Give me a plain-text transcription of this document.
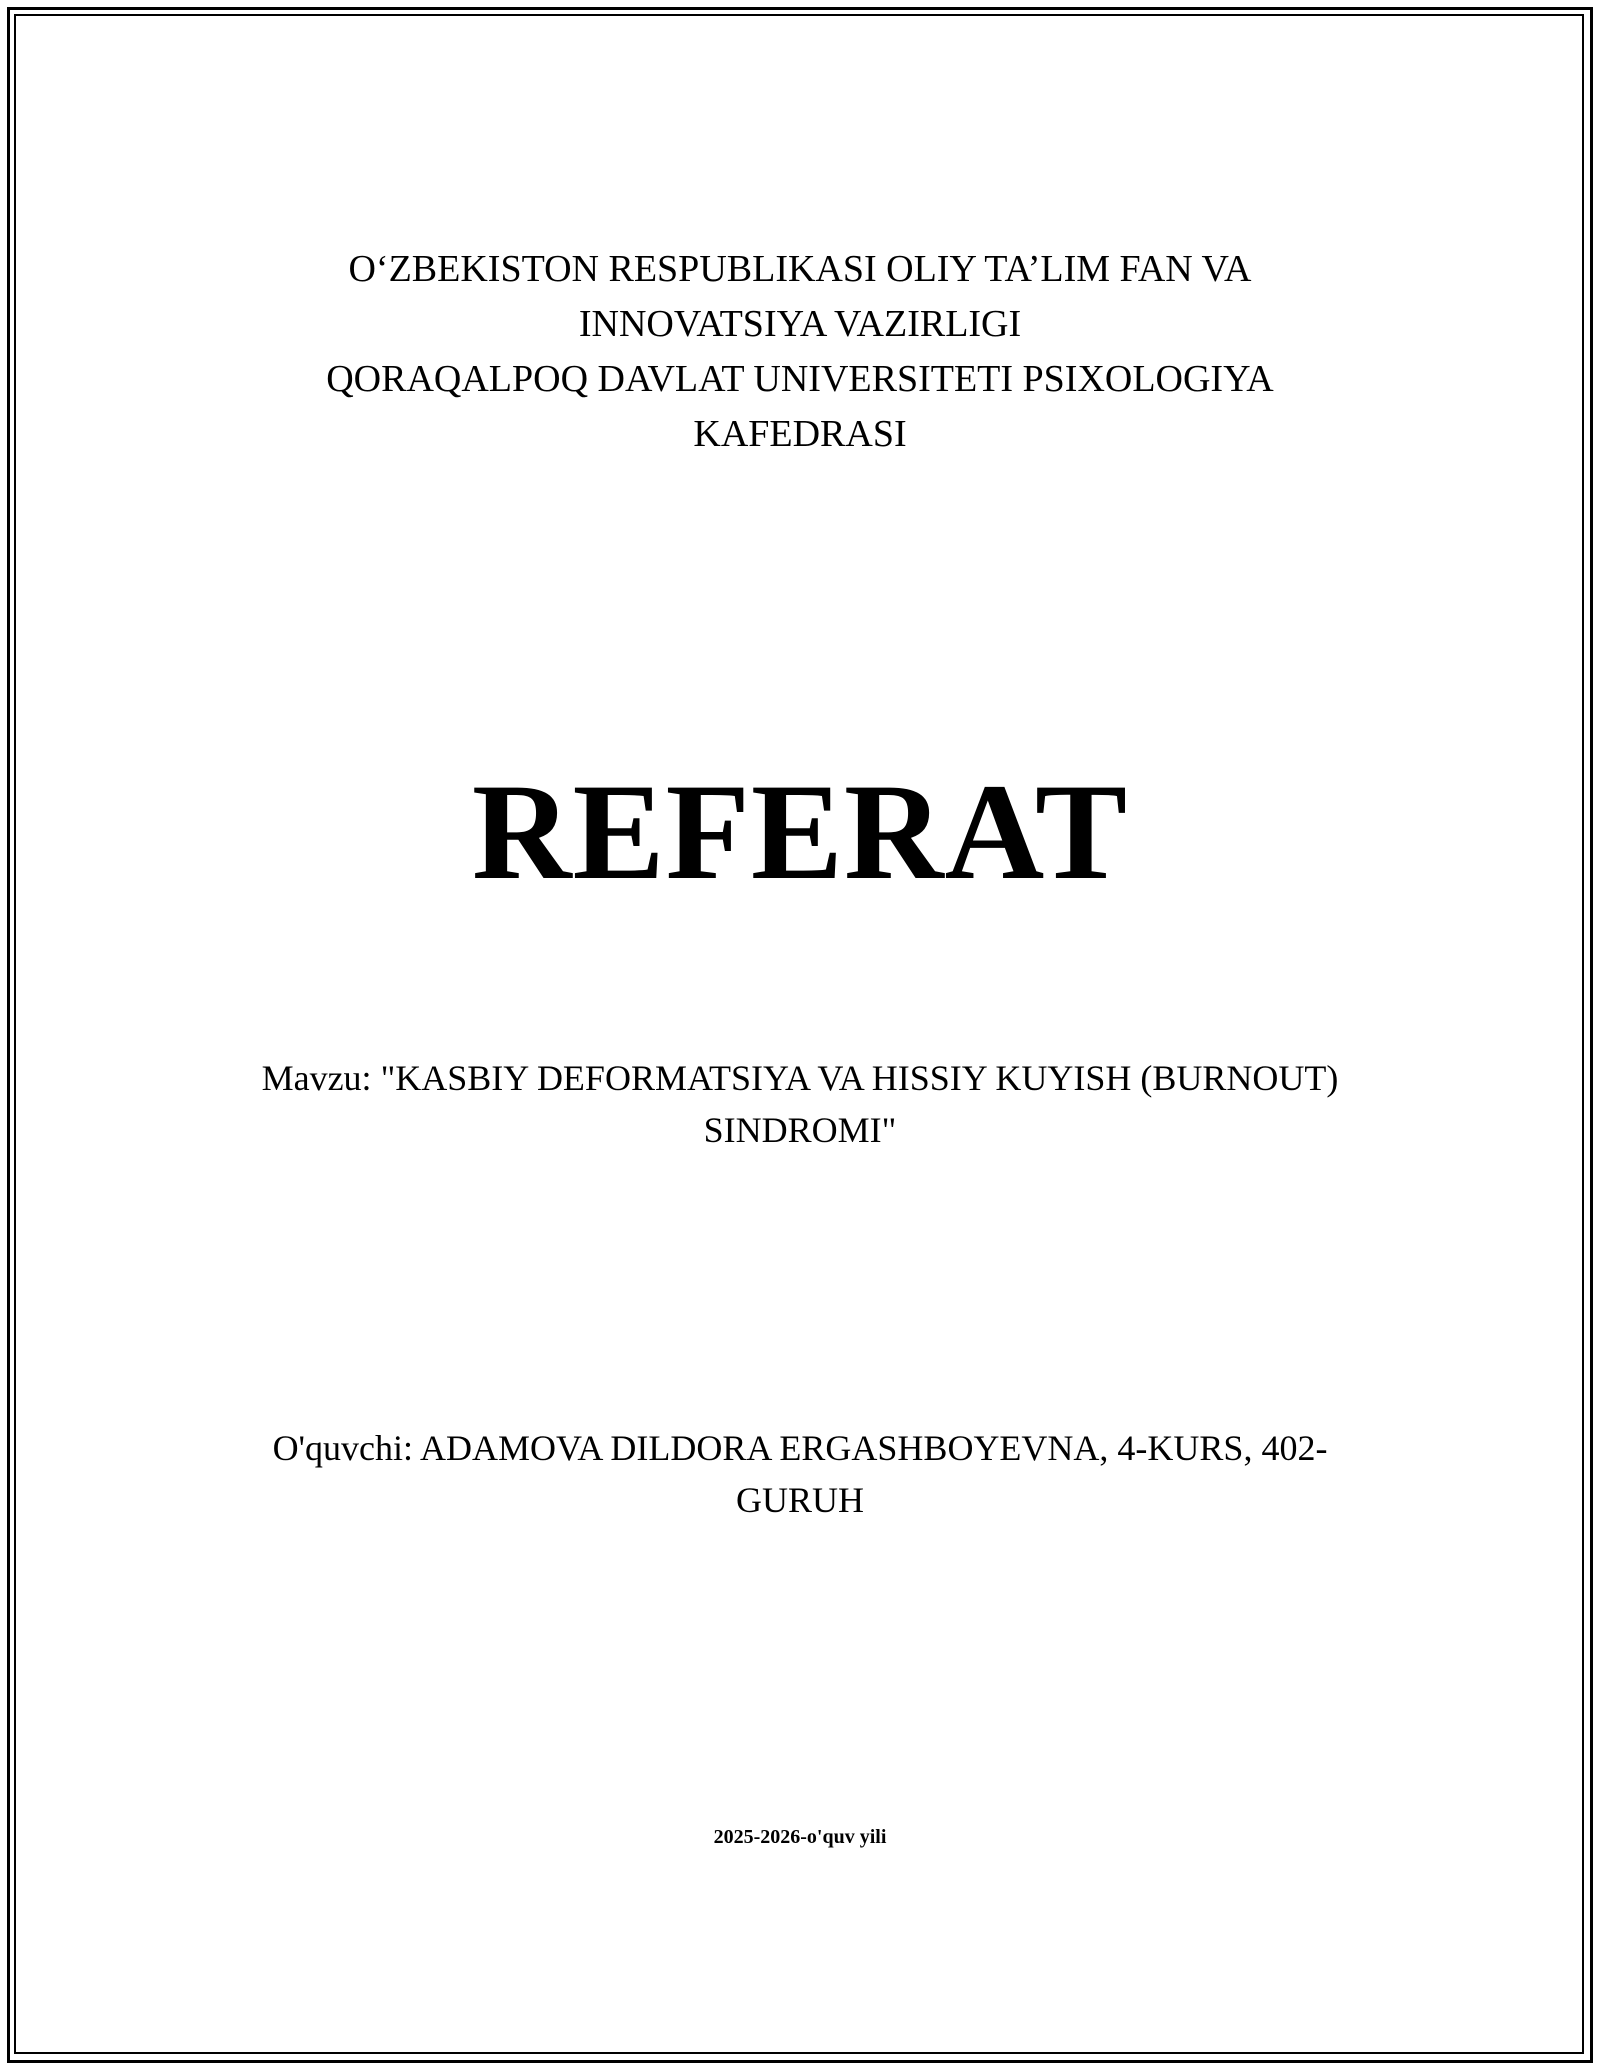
O‘ZBEKISTON RESPUBLIKASI OLIY TA’LIM FAN VA
INNOVATSIYA VAZIRLIGI
QORAQALPOQ DAVLAT UNIVERSITETI PSIXOLOGIYA
KAFEDRASI
REFERAT
Mavzu: "KASBIY DEFORMATSIYA VA HISSIY KUYISH (BURNOUT)
SINDROMI"
O'quvchi: ADAMOVA DILDORA ERGASHBOYEVNA, 4-KURS, 402-
GURUH
2025-2026-o'quv yili
